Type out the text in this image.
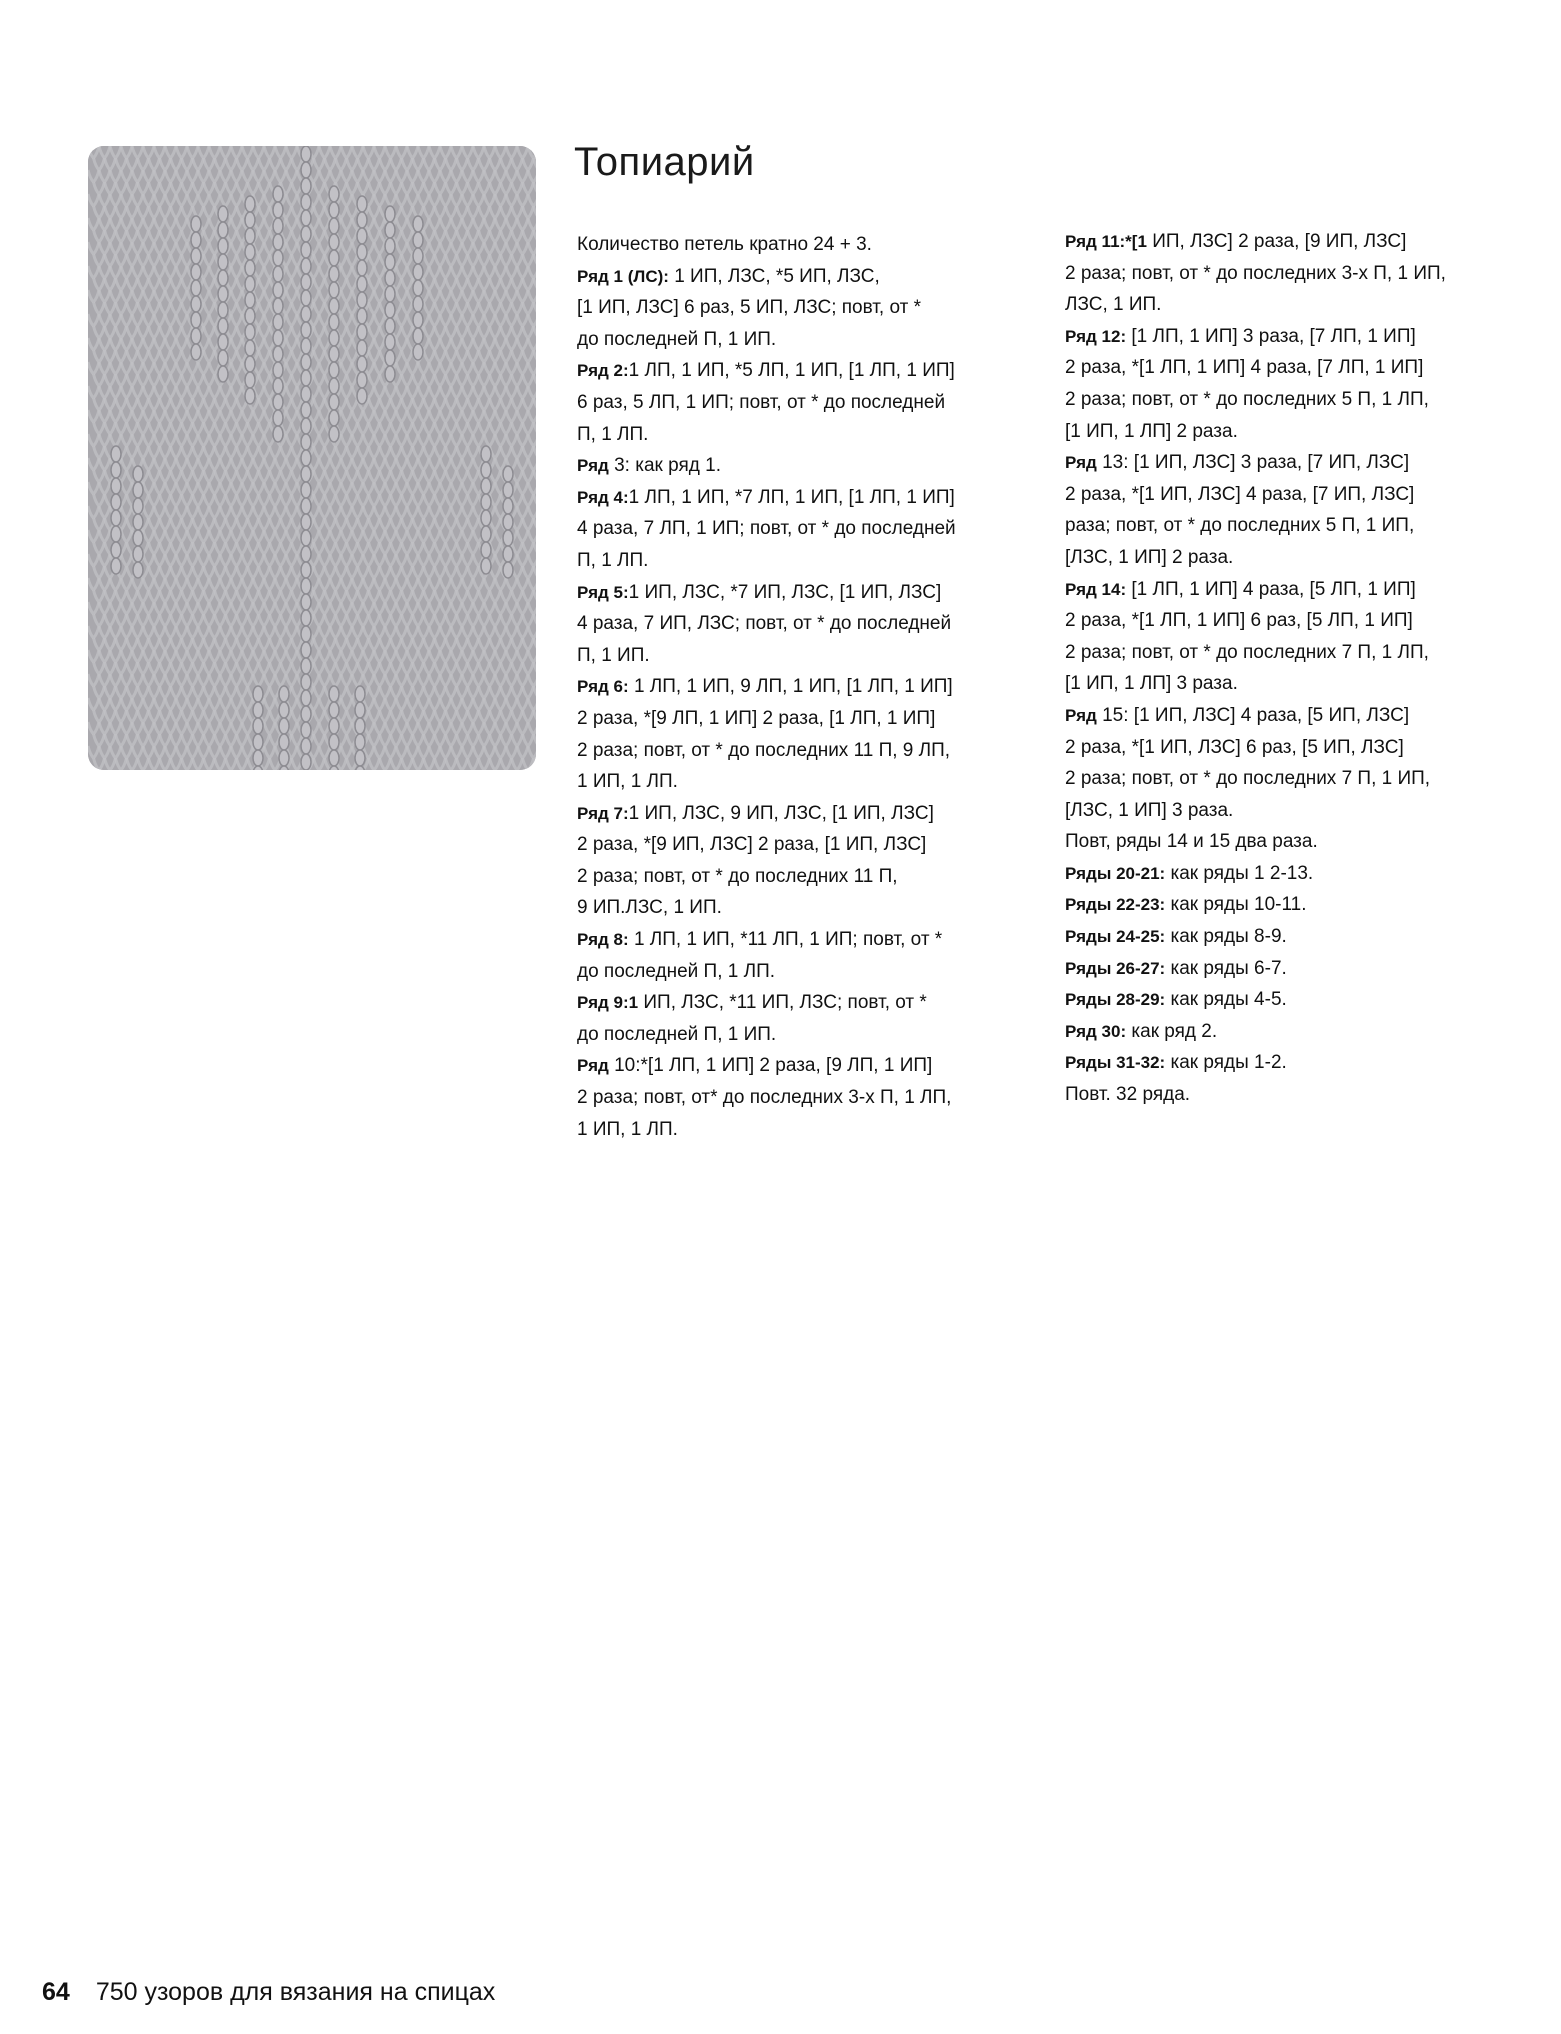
Топиарий

Количество петель кратно 24 + 3.

Ряд 1 (ЛС): 1 ИП, ЛЗС, *5 ИП, ЛЗС,

[1 ИП, ЛЗС] 6 раз, 5 ИП, ЛЗС; повт, от *

до последней П, 1 ИП.

Ряд 2:1 ЛП, 1 ИП, *5 ЛП, 1 ИП, [1 ЛП, 1 ИП]

6 раз, 5 ЛП, 1 ИП; повт, от * до последней

П, 1 ЛП.

Ряд 3: как ряд 1.

Ряд 4:1 ЛП, 1 ИП, *7 ЛП, 1 ИП, [1 ЛП, 1 ИП]

4 раза, 7 ЛП, 1 ИП; повт, от * до последней

П, 1 ЛП.

Ряд 5:1 ИП, ЛЗС, *7 ИП, ЛЗС, [1 ИП, ЛЗС]

4 раза, 7 ИП, ЛЗС; повт, от * до последней

П, 1 ИП.

Ряд 6: 1 ЛП, 1 ИП, 9 ЛП, 1 ИП, [1 ЛП, 1 ИП]

2 раза, *[9 ЛП, 1 ИП] 2 раза, [1 ЛП, 1 ИП]

2 раза; повт, от * до последних 11 П, 9 ЛП,

1 ИП, 1 ЛП.

Ряд 7:1 ИП, ЛЗС, 9 ИП, ЛЗС, [1 ИП, ЛЗС]

2 раза, *[9 ИП, ЛЗС] 2 раза, [1 ИП, ЛЗС]

2 раза; повт, от * до последних 11 П,

9 ИП.ЛЗС, 1 ИП.

Ряд 8: 1 ЛП, 1 ИП, *11 ЛП, 1 ИП; повт, от *

до последней П, 1 ЛП.

Ряд 9:1 ИП, ЛЗС, *11 ИП, ЛЗС; повт, от *

до последней П, 1 ИП.

Ряд 10:*[1 ЛП, 1 ИП] 2 раза, [9 ЛП, 1 ИП]

2 раза; повт, от* до последних 3-х П, 1 ЛП,

1 ИП, 1 ЛП.

Ряд 11:*[1 ИП, ЛЗС] 2 раза, [9 ИП, ЛЗС]

2 раза; повт, от * до последних 3-х П, 1 ИП,

ЛЗС, 1 ИП.

Ряд 12: [1 ЛП, 1 ИП] 3 раза, [7 ЛП, 1 ИП]

2 раза, *[1 ЛП, 1 ИП] 4 раза, [7 ЛП, 1 ИП]

2 раза; повт, от * до последних 5 П, 1 ЛП,

[1 ИП, 1 ЛП] 2 раза.

Ряд 13: [1 ИП, ЛЗС] 3 раза, [7 ИП, ЛЗС]

2 раза, *[1 ИП, ЛЗС] 4 раза, [7 ИП, ЛЗС]

раза; повт, от * до последних 5 П, 1 ИП,

[ЛЗС, 1 ИП] 2 раза.

Ряд 14: [1 ЛП, 1 ИП] 4 раза, [5 ЛП, 1 ИП]

2 раза, *[1 ЛП, 1 ИП] 6 раз, [5 ЛП, 1 ИП]

2 раза; повт, от * до последних 7 П, 1 ЛП,

[1 ИП, 1 ЛП] 3 раза.

Ряд 15: [1 ИП, ЛЗС] 4 раза, [5 ИП, ЛЗС]

2 раза, *[1 ИП, ЛЗС] 6 раз, [5 ИП, ЛЗС]

2 раза; повт, от * до последних 7 П, 1 ИП,

[ЛЗС, 1 ИП] 3 раза.

Повт, ряды 14 и 15 два раза.

Ряды 20-21: как ряды 1 2-13.

Ряды 22-23: как ряды 10-11.

Ряды 24-25: как ряды 8-9.

Ряды 26-27: как ряды 6-7.

Ряды 28-29: как ряды 4-5.

Ряд 30: как ряд 2.

Ряды 31-32: как ряды 1-2.

Повт. 32 ряда.

64 750 узоров для вязания на спицах
